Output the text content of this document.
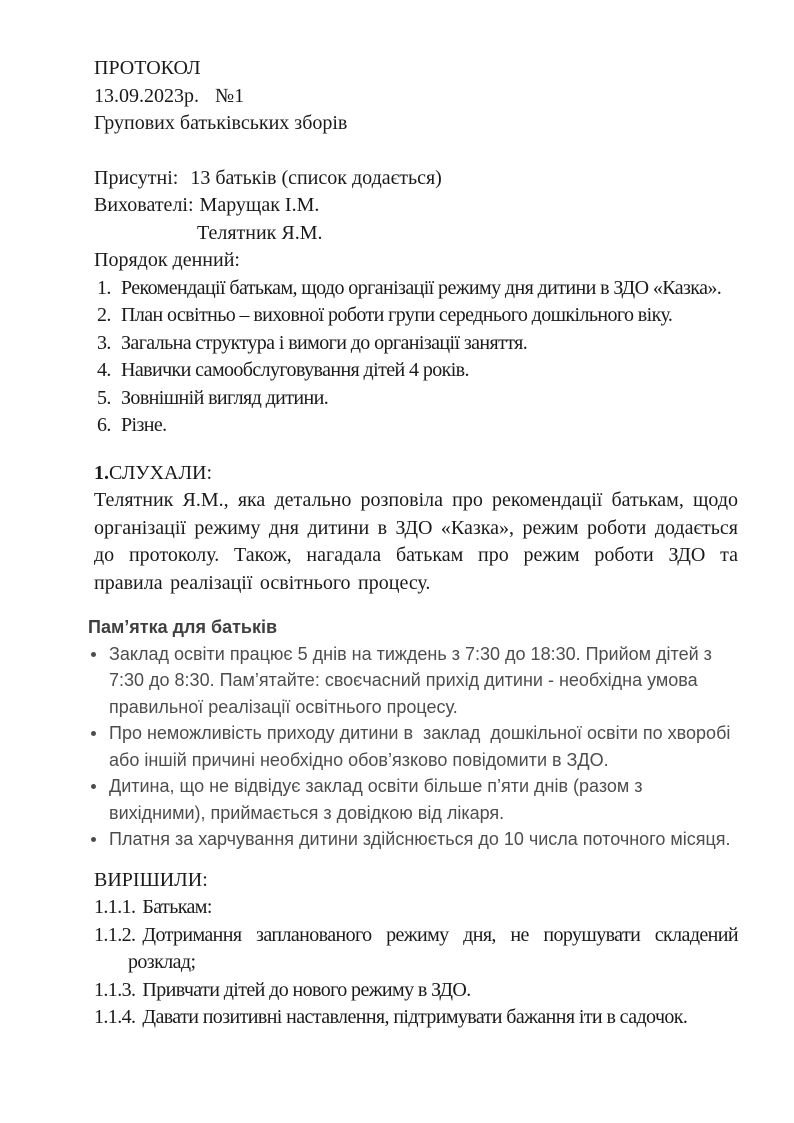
ПРОТОКОЛ
13.09.2023р. №1
Групових батьківських зборів
Присутні: 13 батьків (список додається)
Вихователі: Марущак І.М.
Телятник Я.М.
Порядок денний:
1. Рекомендації батькам, щодо організації режиму дня дитини в ЗДО «Казка».
2. План освітньо – виховної роботи групи середнього дошкільного віку.
3. Загальна структура і вимоги до організації заняття.
4. Навички самообслуговування дітей 4 років.
5. Зовнішній вигляд дитини.
6. Різне.
1.СЛУХАЛИ:

Телятник Я.М., яка детально розповіла про рекомендації батькам, щодо організації режиму дня дитини в ЗДО «Казка», режим роботи додається до протоколу. Також, нагадала батькам про режим роботи ЗДО та правила реалізації освітнього процесу.

Пам’ятка для батьків
Заклад освіти працює 5 днів на тиждень з 7:30 до 18:30. Прийом дітей з 7:30 до 8:30. Пам’ятайте: своєчасний прихід дитини - необхідна умова правильної реалізації освітнього процесу.
Про неможливість приходу дитини в  заклад  дошкільної освіти по хворобі або іншій причині необхідно обов’язково повідомити в ЗДО.
Дитина, що не відвідує заклад освіти більше п’яти днів (разом з вихідними), приймається з довідкою від лікаря.
Платня за харчування дитини здійснюється до 10 числа поточного місяця.
ВИРІШИЛИ:
1.1.1. Батькам:
1.1.2. Дотримання запланованого режиму дня, не порушувати складений розклад;
1.1.3. Привчати дітей до нового режиму в ЗДО.
1.1.4. Давати позитивні наставлення, підтримувати бажання іти в садочок.
